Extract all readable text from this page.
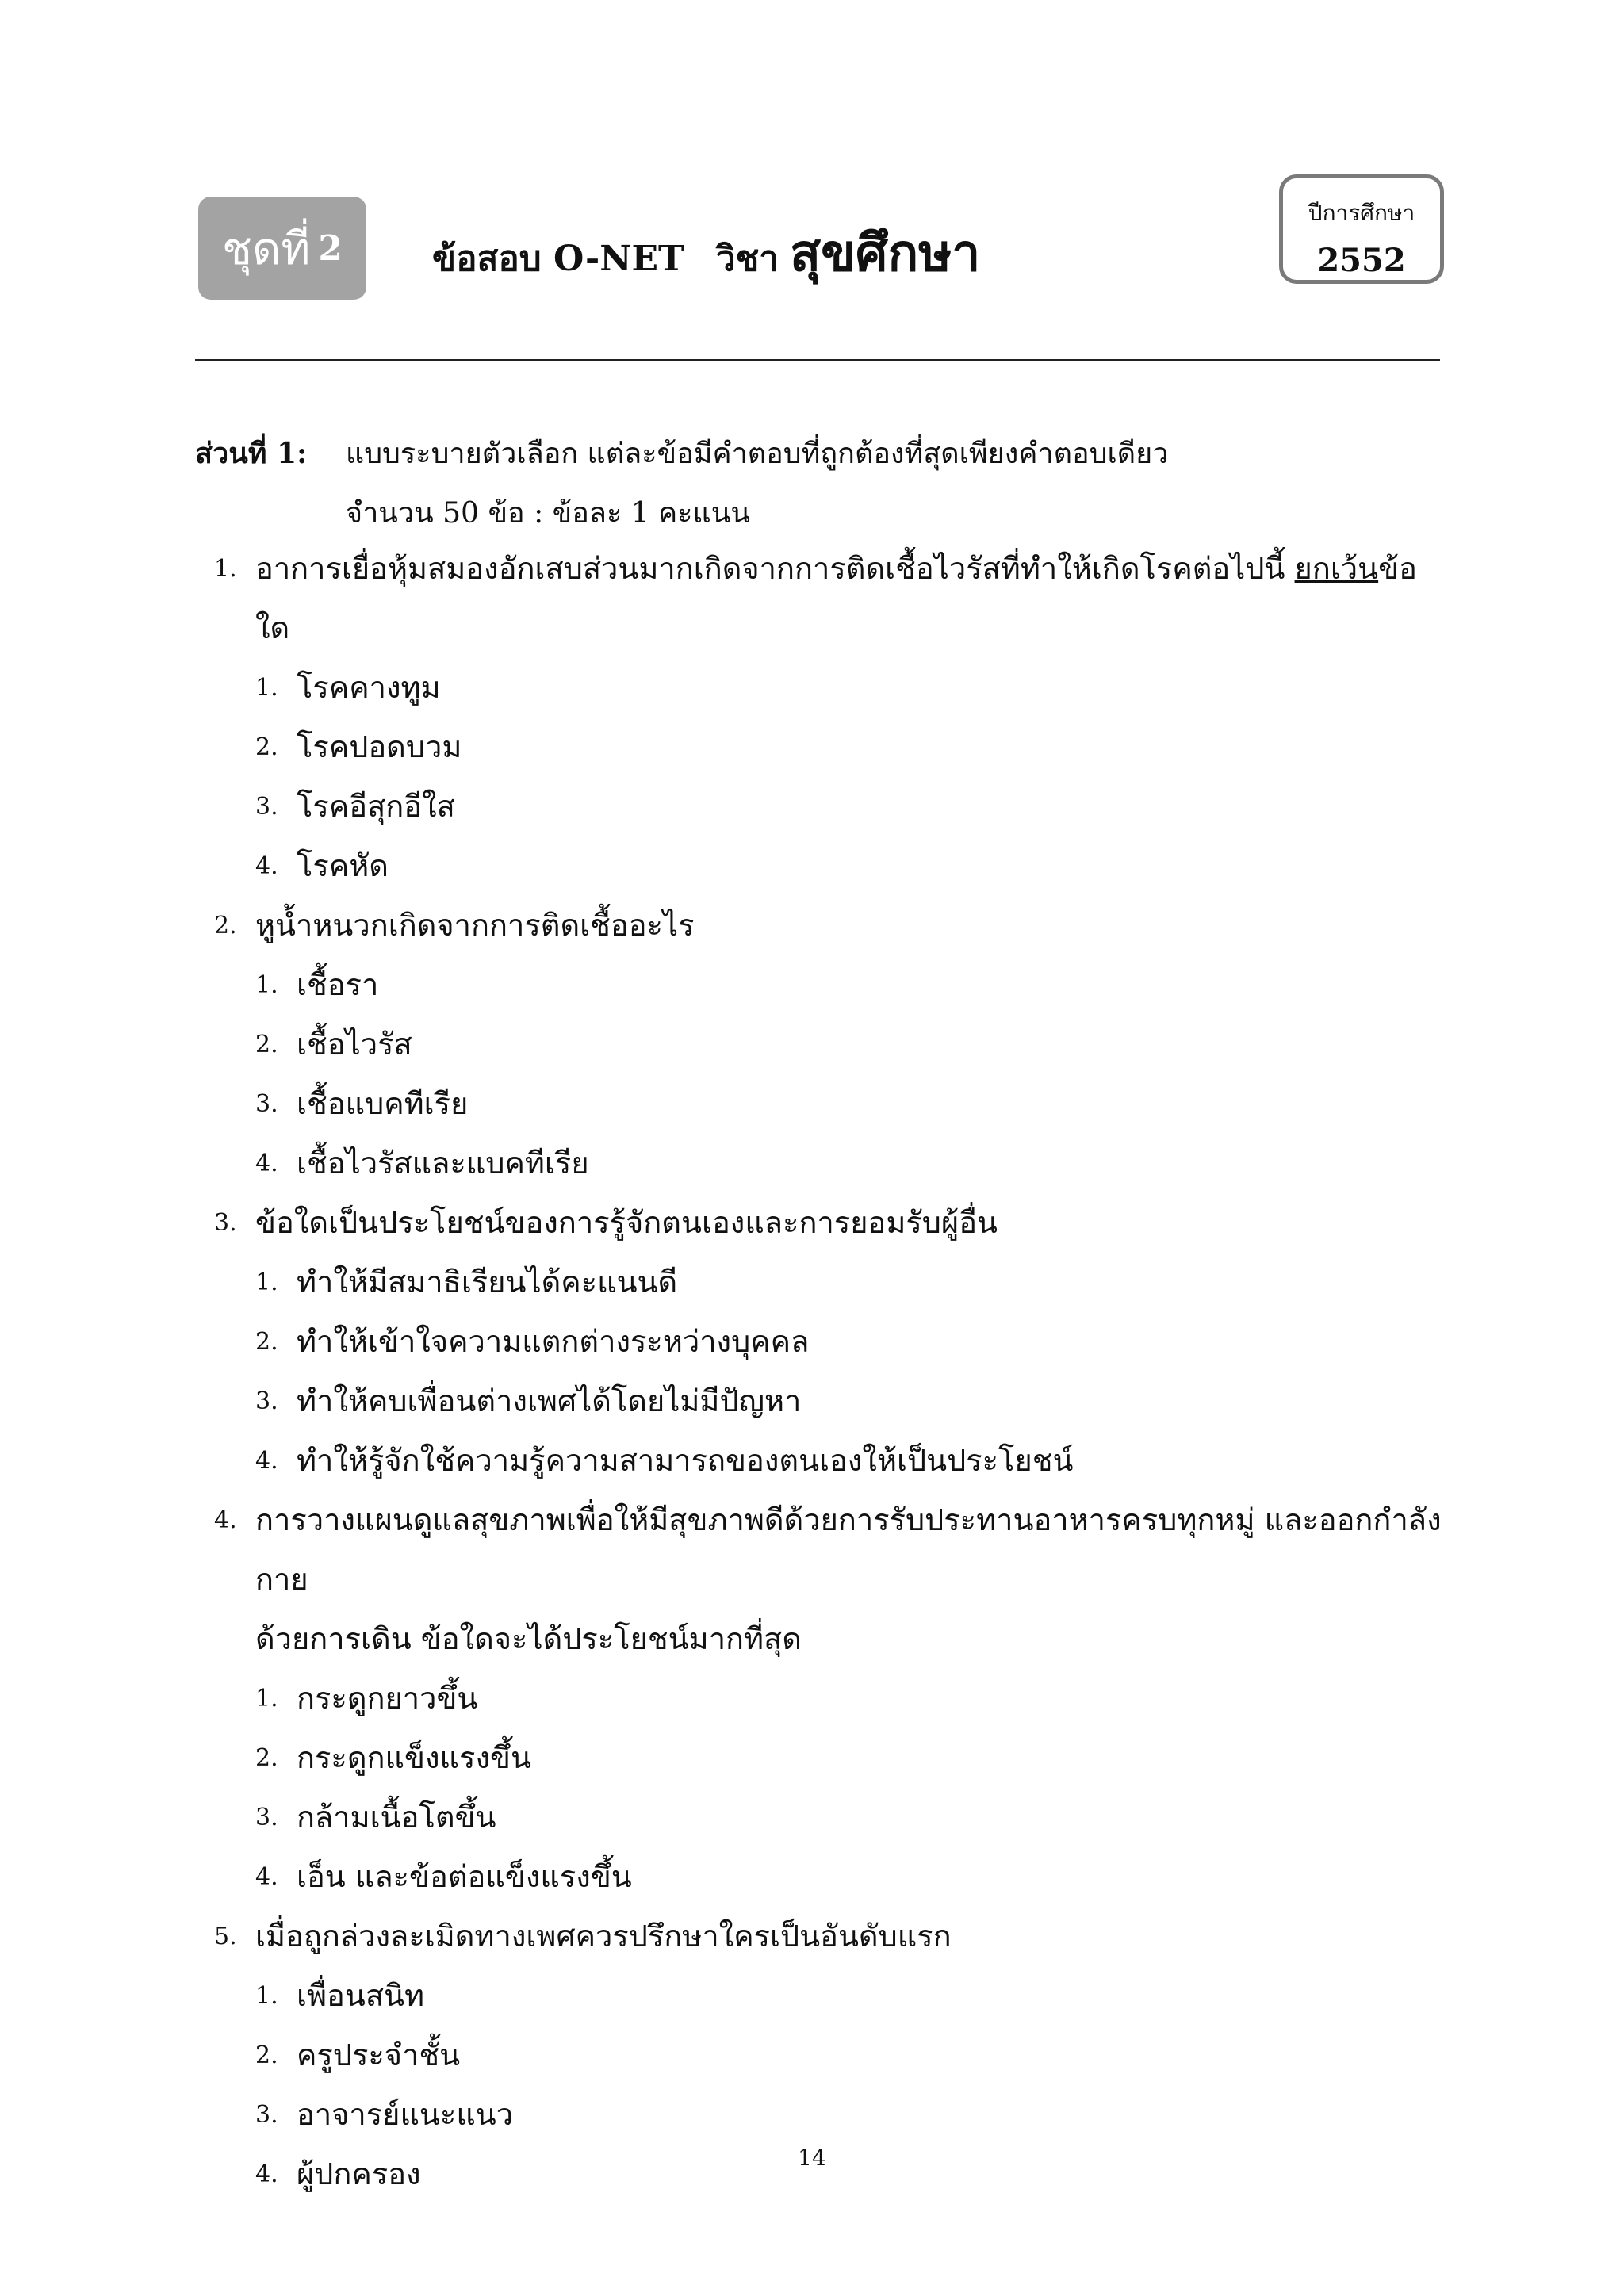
ชุดที่ 2	ข้อสอบ O-NET วิชา สุขศึกษา
ปีการศึกษา
2552
ส่วนที่ 1: แบบระบายตัวเลือก แต่ละข้อมีคำตอบที่ถูกต้องที่สุดเพียงคำตอบเดียว
จำนวน 50 ข้อ : ข้อละ 1 คะแนน
1. อาการเยื่อหุ้มสมองอักเสบส่วนมากเกิดจากการติดเชื้อไวรัสที่ทำให้เกิดโรคต่อไปนี้ ยกเว้นข้อใด
1. โรคคางทูม
2. โรคปอดบวม
3. โรคอีสุกอีใส
4. โรคหัด
2. หูน้ำหนวกเกิดจากการติดเชื้ออะไร
1. เชื้อรา
2. เชื้อไวรัส
3. เชื้อแบคทีเรีย
4. เชื้อไวรัสและแบคทีเรีย
3. ข้อใดเป็นประโยชน์ของการรู้จักตนเองและการยอมรับผู้อื่น
1. ทำให้มีสมาธิเรียนได้คะแนนดี
2. ทำให้เข้าใจความแตกต่างระหว่างบุคคล
3. ทำให้คบเพื่อนต่างเพศได้โดยไม่มีปัญหา
4. ทำให้รู้จักใช้ความรู้ความสามารถของตนเองให้เป็นประโยชน์
4. การวางแผนดูแลสุขภาพเพื่อให้มีสุขภาพดีด้วยการรับประทานอาหารครบทุกหมู่ และออกกำลังกาย
ด้วยการเดิน ข้อใดจะได้ประโยชน์มากที่สุด
1. กระดูกยาวขึ้น
2. กระดูกแข็งแรงขึ้น
3. กล้ามเนื้อโตขึ้น
4. เอ็น และข้อต่อแข็งแรงขึ้น
5. เมื่อถูกล่วงละเมิดทางเพศควรปรึกษาใครเป็นอันดับแรก
1. เพื่อนสนิท
2. ครูประจำชั้น
3. อาจารย์แนะแนว
4. ผู้ปกครอง	14
